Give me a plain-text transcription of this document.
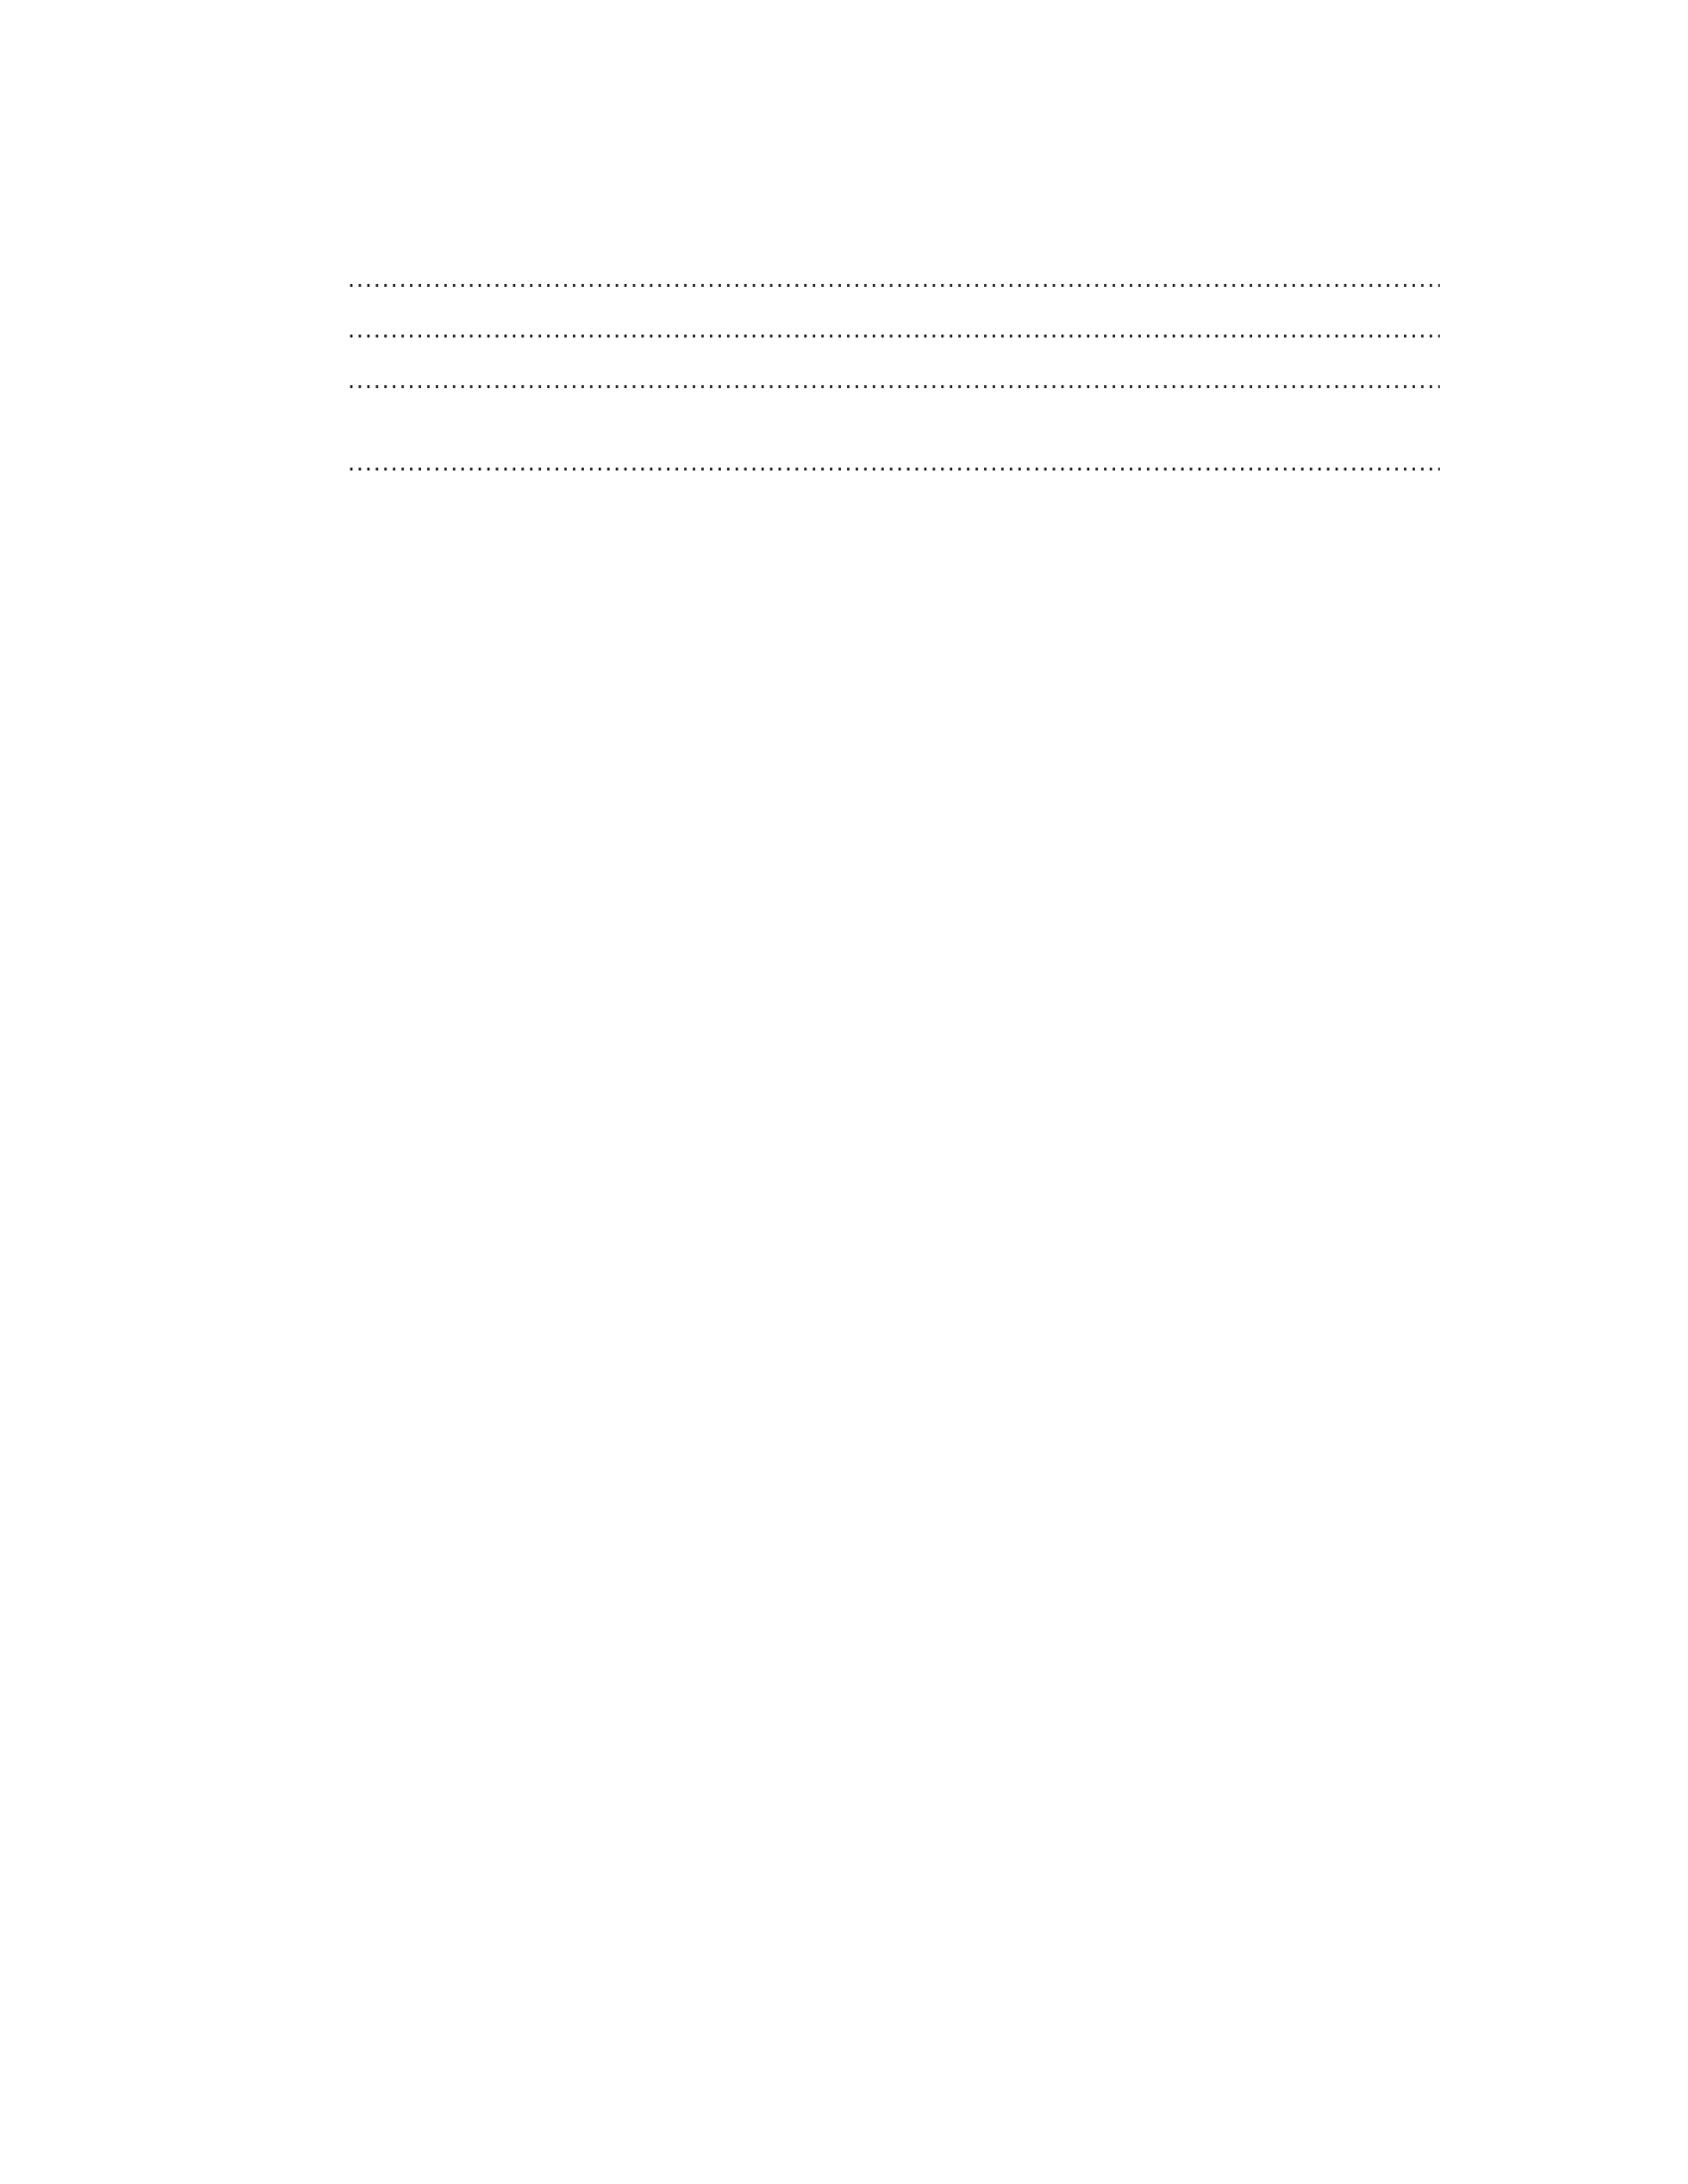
.....
.....
.....
.....
